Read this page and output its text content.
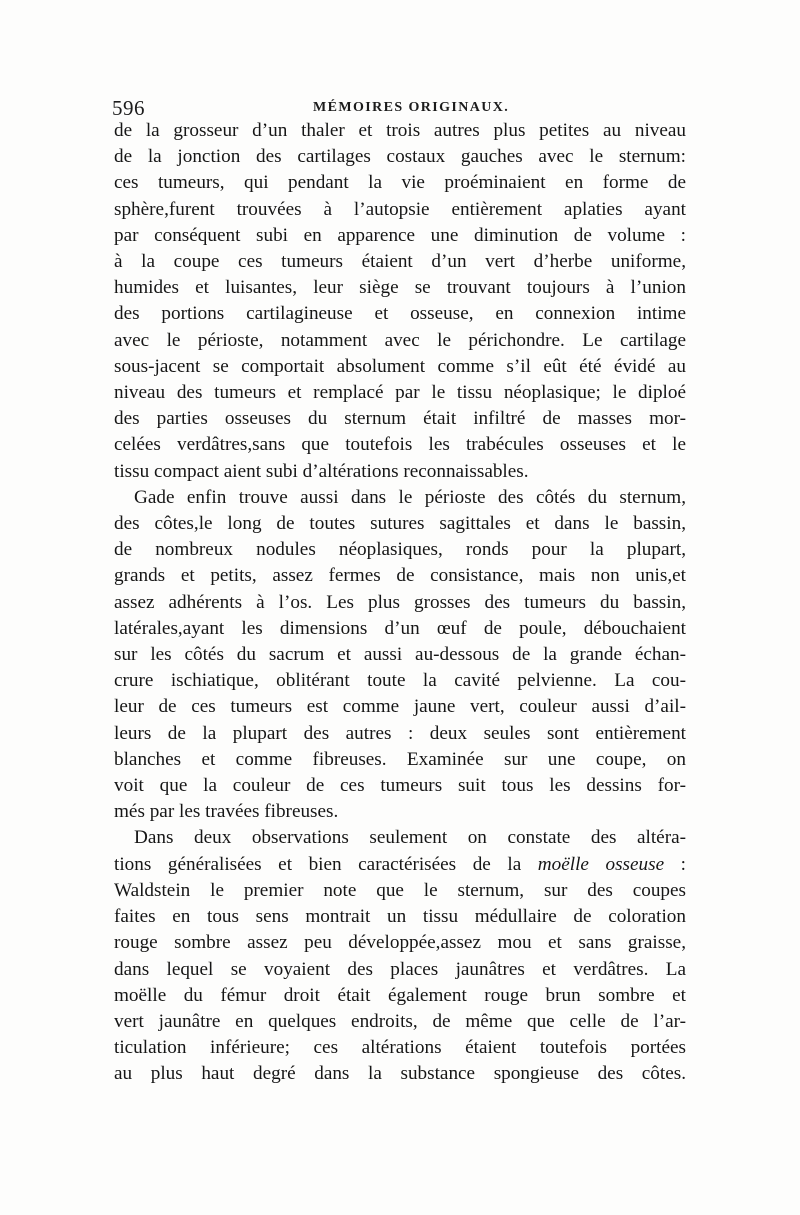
596	MÉMOIRES ORIGINAUX.
de la grosseur d’un thaler et trois autres plus petites au niveau
de la jonction des cartilages costaux gauches avec le sternum:
ces tumeurs, qui pendant la vie proéminaient en forme de
sphère,furent trouvées à l’autopsie entièrement aplaties ayant
par conséquent subi en apparence une diminution de volume :
à la coupe ces tumeurs étaient d’un vert d’herbe uniforme,
humides et luisantes, leur siège se trouvant toujours à l’union
des portions cartilagineuse et osseuse, en connexion intime
avec le périoste, notamment avec le périchondre. Le cartilage
sous-jacent se comportait absolument comme s’il eût été évidé au
niveau des tumeurs et remplacé par le tissu néoplasique; le diploé
des parties osseuses du sternum était infiltré de masses mor-
celées verdâtres,sans que toutefois les trabécules osseuses et le
tissu compact aient subi d’altérations reconnaissables.
Gade enfin trouve aussi dans le périoste des côtés du sternum,
des côtes,le long de toutes sutures sagittales et dans le bassin,
de nombreux nodules néoplasiques, ronds pour la plupart,
grands et petits, assez fermes de consistance, mais non unis,et
assez adhérents à l’os. Les plus grosses des tumeurs du bassin,
latérales,ayant les dimensions d’un œuf de poule, débouchaient
sur les côtés du sacrum et aussi au-dessous de la grande échan-
crure ischiatique, oblitérant toute la cavité pelvienne. La cou-
leur de ces tumeurs est comme jaune vert, couleur aussi d’ail-
leurs de la plupart des autres : deux seules sont entièrement
blanches et comme fibreuses. Examinée sur une coupe, on
voit que la couleur de ces tumeurs suit tous les dessins for-
més par les travées fibreuses.
Dans deux observations seulement on constate des altéra-
tions généralisées et bien caractérisées de la moëlle osseuse :
Waldstein le premier note que le sternum, sur des coupes
faites en tous sens montrait un tissu médullaire de coloration
rouge sombre assez peu développée,assez mou et sans graisse,
dans lequel se voyaient des places jaunâtres et verdâtres. La
moëlle du fémur droit était également rouge brun sombre et
vert jaunâtre en quelques endroits, de même que celle de l’ar-
ticulation inférieure; ces altérations étaient toutefois portées
au plus haut degré dans la substance spongieuse des côtes.
